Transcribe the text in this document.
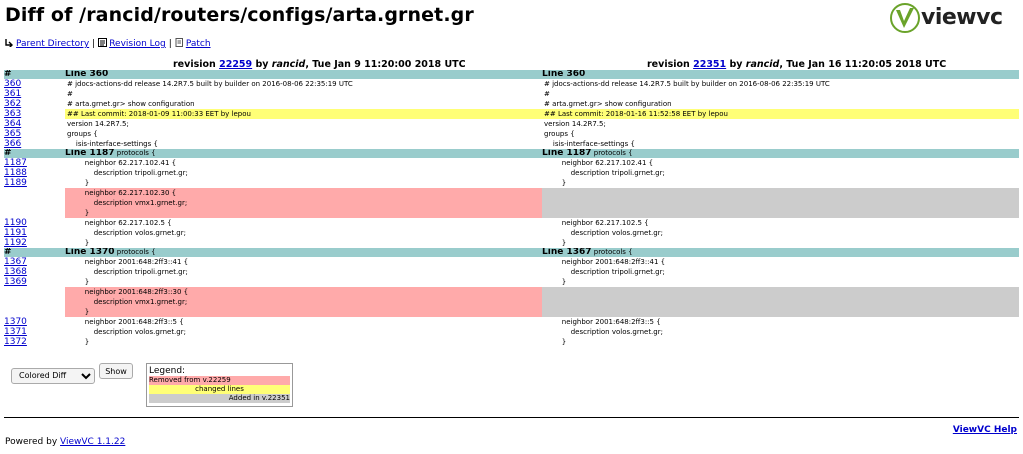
Diff of /rancid/routers/configs/arta.grnet.gr	viewvc
Parent Directory | Revision Log | Patch
revision 22259 by rancid, Tue Jan 9 11:20:00 2018 UTC	revision 22351 by rancid, Tue Jan 16 11:20:05 2018 UTC
#	Line 360	Line 360
360	# jdocs-actions-dd release 14.2R7.5 built by builder on 2016-08-06 22:35:19 UTC	# jdocs-actions-dd release 14.2R7.5 built by builder on 2016-08-06 22:35:19 UTC
361	#	#
362	# arta.grnet.gr> show configuration	# arta.grnet.gr> show configuration
363	## Last commit: 2018-01-09 11:00:33 EET by lepou	## Last commit: 2018-01-16 11:52:58 EET by lepou
364	version 14.2R7.5;	version 14.2R7.5;
365	groups {	groups {
366	isis-interface-settings {	isis-interface-settings {
#	Line 1187 protocols {	Line 1187 protocols {
1187	neighbor 62.217.102.41 {	neighbor 62.217.102.41 {
1188	description tripoli.grnet.gr;	description tripoli.grnet.gr;
1189	}	}
	neighbor 62.217.102.30 {	
	description vmx1.grnet.gr;	
	}	
1190	neighbor 62.217.102.5 {	neighbor 62.217.102.5 {
1191	description volos.grnet.gr;	description volos.grnet.gr;
1192	}	}
#	Line 1370 protocols {	Line 1367 protocols {
1367	neighbor 2001:648:2ff3::41 {	neighbor 2001:648:2ff3::41 {
1368	description tripoli.grnet.gr;	description tripoli.grnet.gr;
1369	}	}
	neighbor 2001:648:2ff3::30 {	
	description vmx1.grnet.gr;	
	}	
1370	neighbor 2001:648:2ff3::5 {	neighbor 2001:648:2ff3::5 {
1371	description volos.grnet.gr;	description volos.grnet.gr;
1372	}	}
Colored Diff
Show	Legend:
Removed from v.22259
changed lines
Added in v.22351
ViewVC Help
Powered by ViewVC 1.1.22
